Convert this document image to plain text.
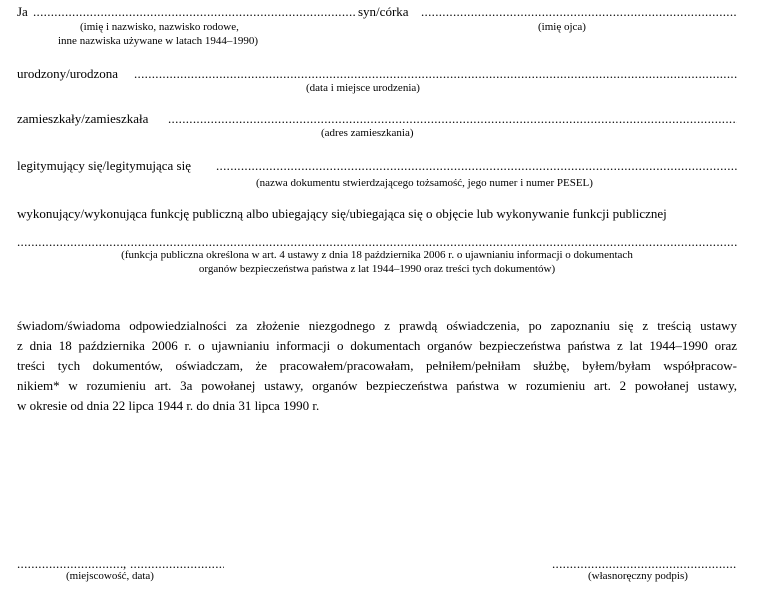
Ja
.....	syn/córka
.....
(imię i nazwisko, nazwisko rodowe,
inne nazwiska używane w latach 1944–1990)
(imię ojca)
urodzony/urodzona
.....
(data i miejsce urodzenia)
zamieszkały/zamieszkała
.....
(adres zamieszkania)
legitymujący się/legitymująca się
.....
(nazwa dokumentu stwierdzającego tożsamość, jego numer i numer PESEL)
wykonujący/wykonująca funkcję publiczną albo ubiegający się/ubiegająca się o objęcie lub wykonywanie funkcji publicznej
.....
(funkcja publiczna określona w art. 4 ustawy z dnia 18 października 2006 r. o ujawnianiu informacji o dokumentach
organów bezpieczeństwa państwa z lat 1944–1990 oraz treści tych dokumentów)
świadom/świadoma odpowiedzialności za złożenie niezgodnego z prawdą oświadczenia, po zapoznaniu się z treścią ustawy
z dnia 18 października 2006 r. o ujawnianiu informacji o dokumentach organów bezpieczeństwa państwa z lat 1944–1990 oraz
treści tych dokumentów, oświadczam, że pracowałem/pracowałam, pełniłem/pełniłam służbę, byłem/byłam współpracow-
nikiem* w rozumieniu art. 3a powołanej ustawy, organów bezpieczeństwa państwa w rozumieniu art. 2 powołanej ustawy,
w okresie od dnia 22 lipca 1944 r. do dnia 31 lipca 1990 r.
.....
,
.....
(miejscowość, data)
.....	(własnoręczny podpis)
